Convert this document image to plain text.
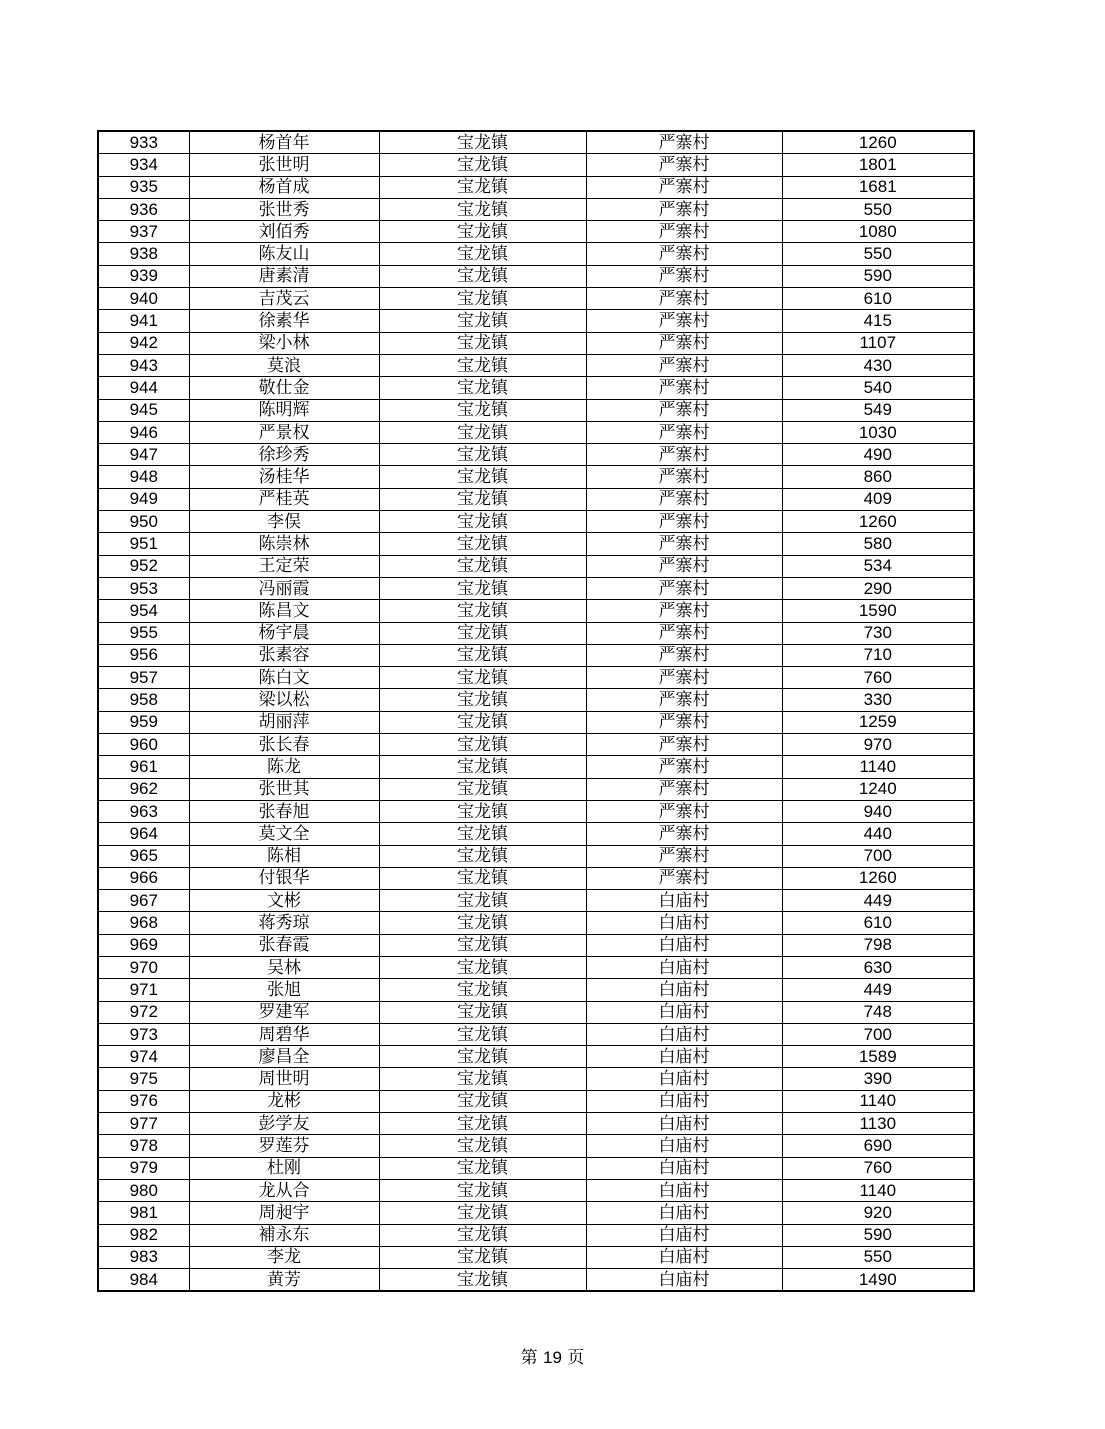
933	杨首年	宝龙镇	严寨村	1260
934	张世明	宝龙镇	严寨村	1801
935	杨首成	宝龙镇	严寨村	1681
936	张世秀	宝龙镇	严寨村	550
937	刘佰秀	宝龙镇	严寨村	1080
938	陈友山	宝龙镇	严寨村	550
939	唐素清	宝龙镇	严寨村	590
940	吉茂云	宝龙镇	严寨村	610
941	徐素华	宝龙镇	严寨村	415
942	梁小林	宝龙镇	严寨村	1107
943	莫浪	宝龙镇	严寨村	430
944	敬仕金	宝龙镇	严寨村	540
945	陈明辉	宝龙镇	严寨村	549
946	严景权	宝龙镇	严寨村	1030
947	徐珍秀	宝龙镇	严寨村	490
948	汤桂华	宝龙镇	严寨村	860
949	严桂英	宝龙镇	严寨村	409
950	李俣	宝龙镇	严寨村	1260
951	陈崇林	宝龙镇	严寨村	580
952	王定荣	宝龙镇	严寨村	534
953	冯丽霞	宝龙镇	严寨村	290
954	陈昌文	宝龙镇	严寨村	1590
955	杨宇晨	宝龙镇	严寨村	730
956	张素容	宝龙镇	严寨村	710
957	陈白文	宝龙镇	严寨村	760
958	梁以松	宝龙镇	严寨村	330
959	胡丽萍	宝龙镇	严寨村	1259
960	张长春	宝龙镇	严寨村	970
961	陈龙	宝龙镇	严寨村	1140
962	张世其	宝龙镇	严寨村	1240
963	张春旭	宝龙镇	严寨村	940
964	莫文全	宝龙镇	严寨村	440
965	陈相	宝龙镇	严寨村	700
966	付银华	宝龙镇	严寨村	1260
967	文彬	宝龙镇	白庙村	449
968	蒋秀琼	宝龙镇	白庙村	610
969	张春霞	宝龙镇	白庙村	798
970	吴林	宝龙镇	白庙村	630
971	张旭	宝龙镇	白庙村	449
972	罗建军	宝龙镇	白庙村	748
973	周碧华	宝龙镇	白庙村	700
974	廖昌全	宝龙镇	白庙村	1589
975	周世明	宝龙镇	白庙村	390
976	龙彬	宝龙镇	白庙村	1140
977	彭学友	宝龙镇	白庙村	1130
978	罗莲芬	宝龙镇	白庙村	690
979	杜刚	宝龙镇	白庙村	760
980	龙从合	宝龙镇	白庙村	1140
981	周昶宇	宝龙镇	白庙村	920
982	補永东	宝龙镇	白庙村	590
983	李龙	宝龙镇	白庙村	550
984	黄芳	宝龙镇	白庙村	1490
第 19 页
